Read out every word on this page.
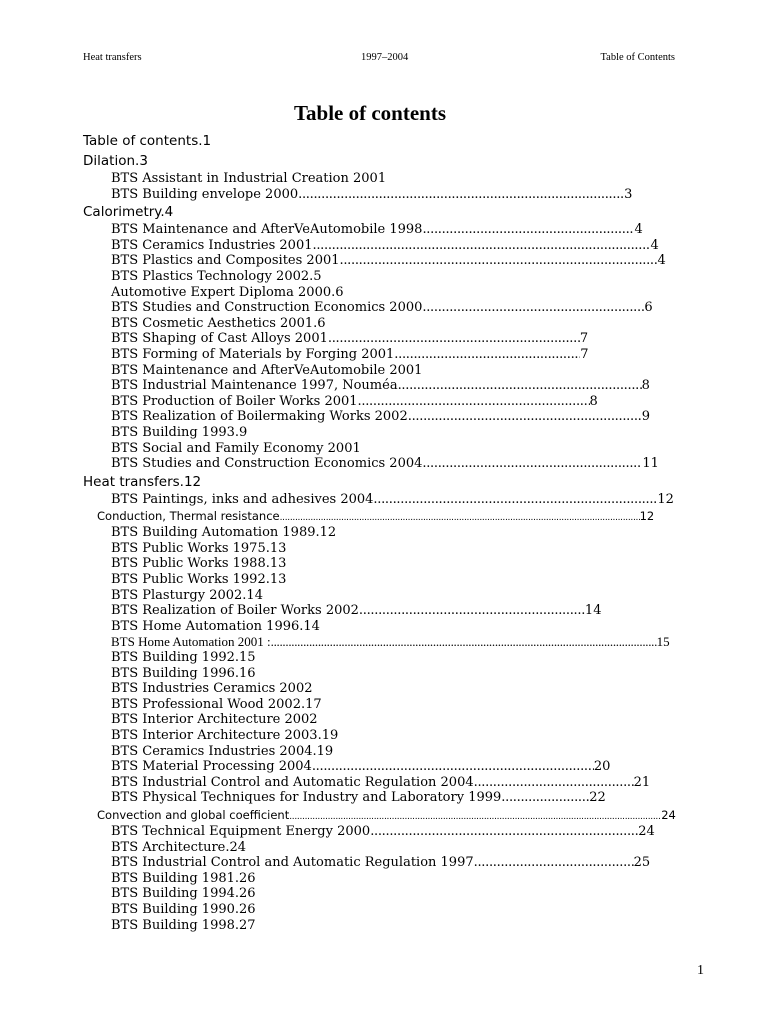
Heat transfers	1997–2004	Table of Contents
Table of contents
Table of contents. 1
Dilation. 3
BTS Assistant in Industrial Creation 2001
BTS Building envelope 2000 .....	3
Calorimetry. 4
BTS Maintenance and AfterVeAutomobile 1998 .....	4
BTS Ceramics Industries 2001 .....	4
BTS Plastics and Composites 2001 .....	4
BTS Plastics Technology 2002. 5
Automotive Expert Diploma 2000. 6
BTS Studies and Construction Economics 2000 .....	6
BTS Cosmetic Aesthetics 2001. 6
BTS Shaping of Cast Alloys 2001 .....	7
BTS Forming of Materials by Forging 2001 .....	7
BTS Maintenance and AfterVeAutomobile 2001
BTS Industrial Maintenance 1997, Nouméa .....	8
BTS Production of Boiler Works 2001 .....	8
BTS Realization of Boilermaking Works 2002 .....	9
BTS Building 1993. 9
BTS Social and Family Economy 2001
BTS Studies and Construction Economics 2004 .....	11
Heat transfers. 12
BTS Paintings, inks and adhesives 2004 .....	12
Conduction, Thermal resistance .....	12
BTS Building Automation 1989. 12
BTS Public Works 1975. 13
BTS Public Works 1988. 13
BTS Public Works 1992. 13
BTS Plasturgy 2002. 14
BTS Realization of Boiler Works 2002 .....	14
BTS Home Automation 1996. 14
BTS Home Automation 2001 : .....	15
BTS Building 1992. 15
BTS Building 1996. 16
BTS Industries Ceramics 2002
BTS Professional Wood 2002. 17
BTS Interior Architecture 2002
BTS Interior Architecture 2003. 19
BTS Ceramics Industries 2004. 19
BTS Material Processing 2004 .....	20
BTS Industrial Control and Automatic Regulation 2004 .....	21
BTS Physical Techniques for Industry and Laboratory 1999 .....	22
Convection and global coefficient .....	24
BTS Technical Equipment Energy 2000 .....	24
BTS Architecture. 24
BTS Industrial Control and Automatic Regulation 1997 .....	25
BTS Building 1981. 26
BTS Building 1994. 26
BTS Building 1990. 26
BTS Building 1998. 27
1
